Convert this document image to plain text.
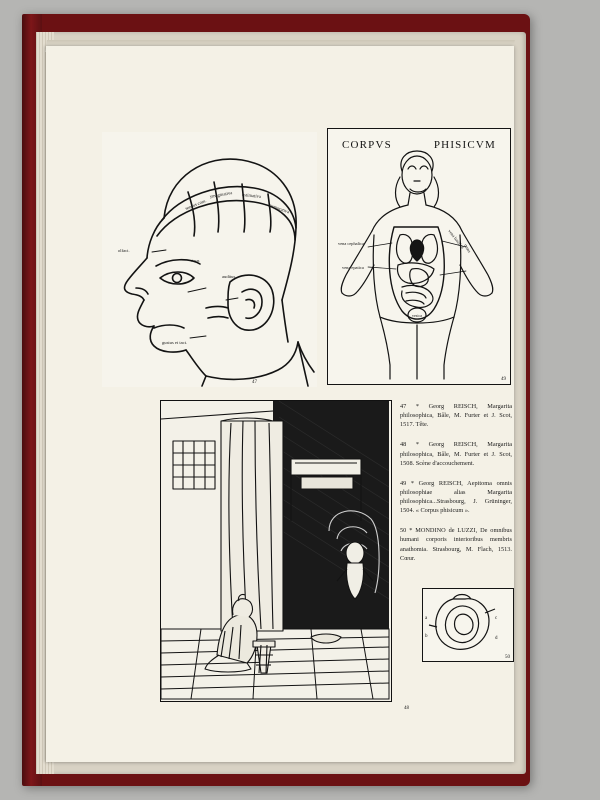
sensus com.
ymaginativa estimativa
memorativa
olfact.
visus
auditus
gustus et tact.
47
CORPVS	PHISICVM
vena cephalica
vena epatica
vena basilica
renes
vesica
49
48
47 * Georg REISCH, Margarita philosophica, Bâle, M. Furter et J. Scot, 1517. Tête.
48 * Georg REISCH, Margarita philosophica, Bâle, M. Furter et J. Scot, 1508. Scène d'accouchement.
49 * Georg REISCH, Aepitoma omnis philosophiae alias Margarita philosophica...Strasbourg, J. Grüninger, 1504. « Corpus phisicum ».
50 * MONDINO de LUZZI, De omnibus humani corporis interioribus membris anathomia. Strasbourg, M. Flach, 1513. Cœur.
a
b
c
d
50
